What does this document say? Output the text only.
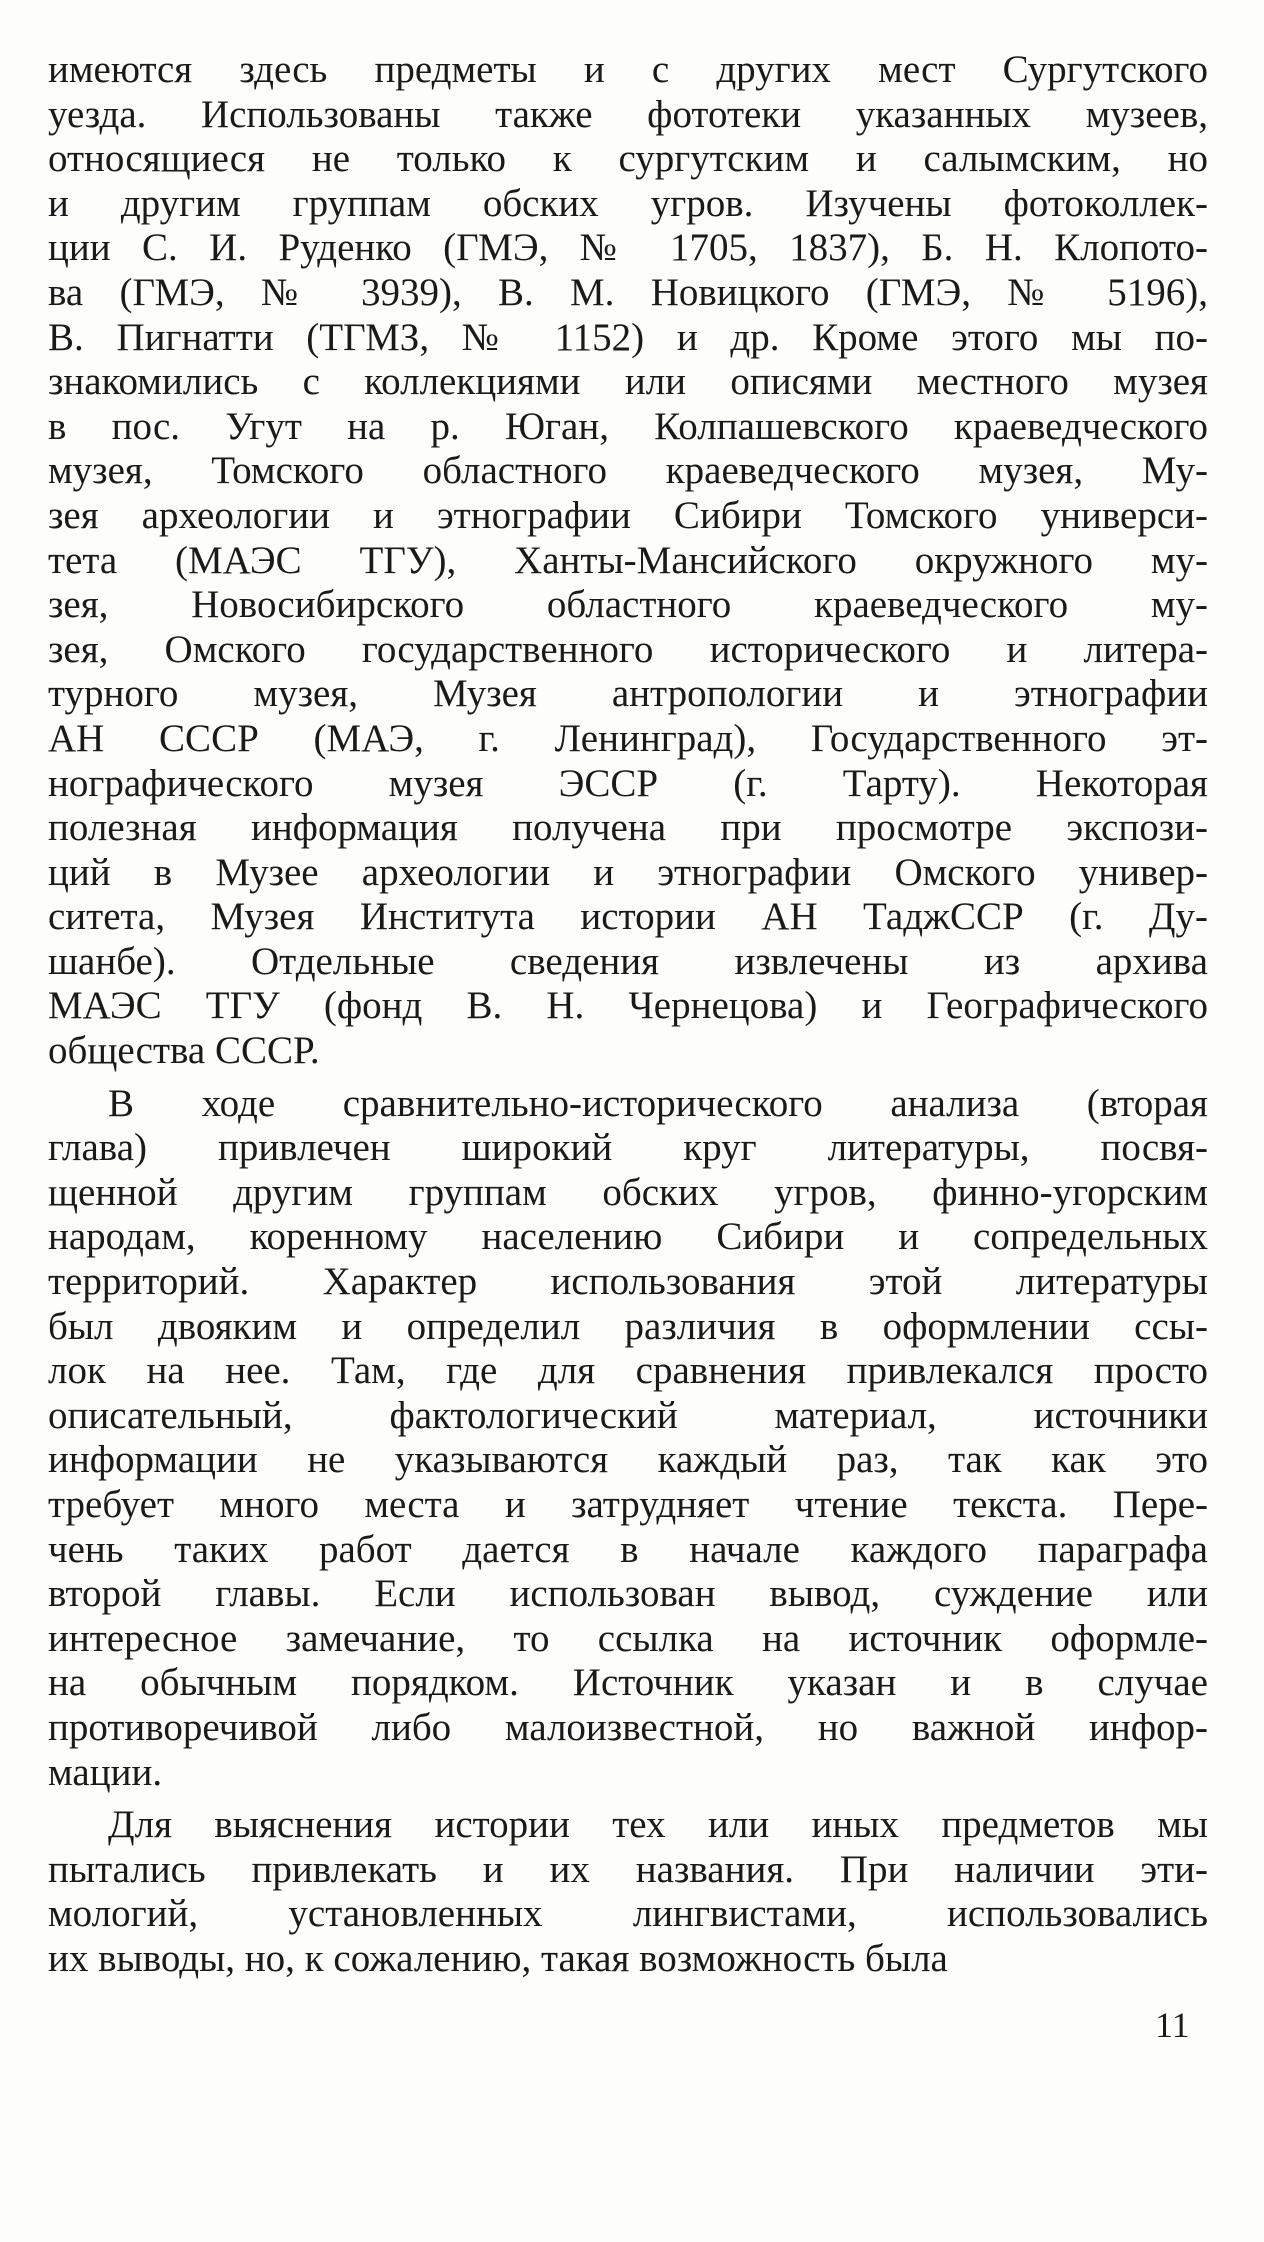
имеются здесь предметы и с других мест Сургутского
уезда. Использованы также фототеки указанных музеев,
относящиеся не только к сургутским и салымским, но
и другим группам обских угров. Изучены фотоколлек-
ции С. И. Руденко (ГМЭ, № 1705, 1837), Б. Н. Клопото-
ва (ГМЭ, № 3939), В. М. Новицкого (ГМЭ, № 5196),
В. Пигнатти (ТГМЗ, № 1152) и др. Кроме этого мы по-
знакомились с коллекциями или описями местного музея
в пос. Угут на р. Юган, Колпашевского краеведческого
музея, Томского областного краеведческого музея, Му-
зея археологии и этнографии Сибири Томского универси-
тета (МАЭС ТГУ), Ханты-Мансийского окружного му-
зея, Новосибирского областного краеведческого му-
зея, Омского государственного исторического и литера-
турного музея, Музея антропологии и этнографии
АН СССР (МАЭ, г. Ленинград), Государственного эт-
нографического музея ЭССР (г. Тарту). Некоторая
полезная информация получена при просмотре экспози-
ций в Музее археологии и этнографии Омского универ-
ситета, Музея Института истории АН ТаджССР (г. Ду-
шанбе). Отдельные сведения извлечены из архива
МАЭС ТГУ (фонд В. Н. Чернецова) и Географического
общества СССР.
В ходе сравнительно-исторического анализа (вторая
глава) привлечен широкий круг литературы, посвя-
щенной другим группам обских угров, финно-угорским
народам, коренному населению Сибири и сопредельных
территорий. Характер использования этой литературы
был двояким и определил различия в оформлении ссы-
лок на нее. Там, где для сравнения привлекался просто
описательный, фактологический материал, источники
информации не указываются каждый раз, так как это
требует много места и затрудняет чтение текста. Пере-
чень таких работ дается в начале каждого параграфа
второй главы. Если использован вывод, суждение или
интересное замечание, то ссылка на источник оформле-
на обычным порядком. Источник указан и в случае
противоречивой либо малоизвестной, но важной инфор-
мации.
Для выяснения истории тех или иных предметов мы
пытались привлекать и их названия. При наличии эти-
мологий, установленных лингвистами, использовались
их выводы, но, к сожалению, такая возможность была
11
